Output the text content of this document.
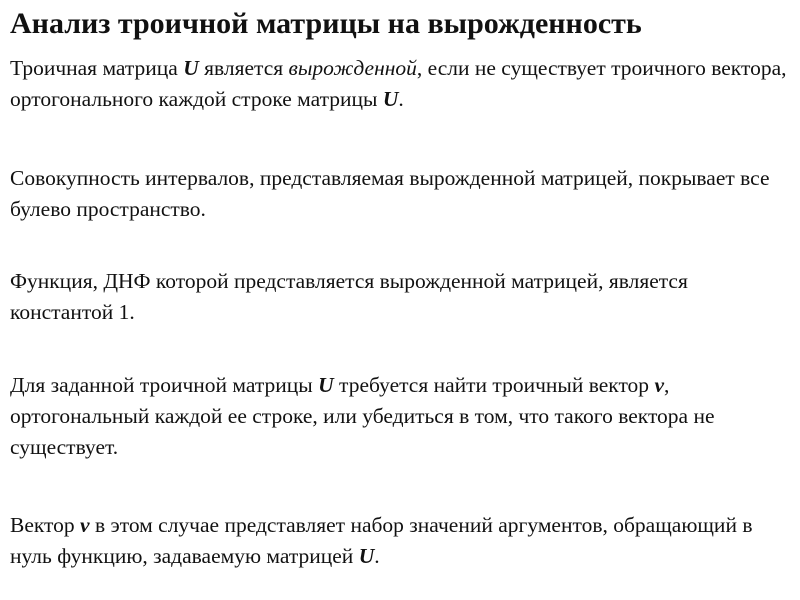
Анализ троичной матрицы на вырожденность

Троичная матрица U является вырожденной, если не существует троичного вектора, ортогонального каждой строке матрицы U.

Совокупность интервалов, представляемая вырожденной матрицей, покрывает все булево пространство.

Функция, ДНФ которой представляется вырожденной матрицей, является константой 1.

Для заданной троичной матрицы U требуется найти троичный вектор v, ортогональный каждой ее строке, или убедиться в том, что такого вектора не существует.

Вектор v в этом случае представляет набор значений аргументов, обращающий в нуль функцию, задаваемую матрицей U.
